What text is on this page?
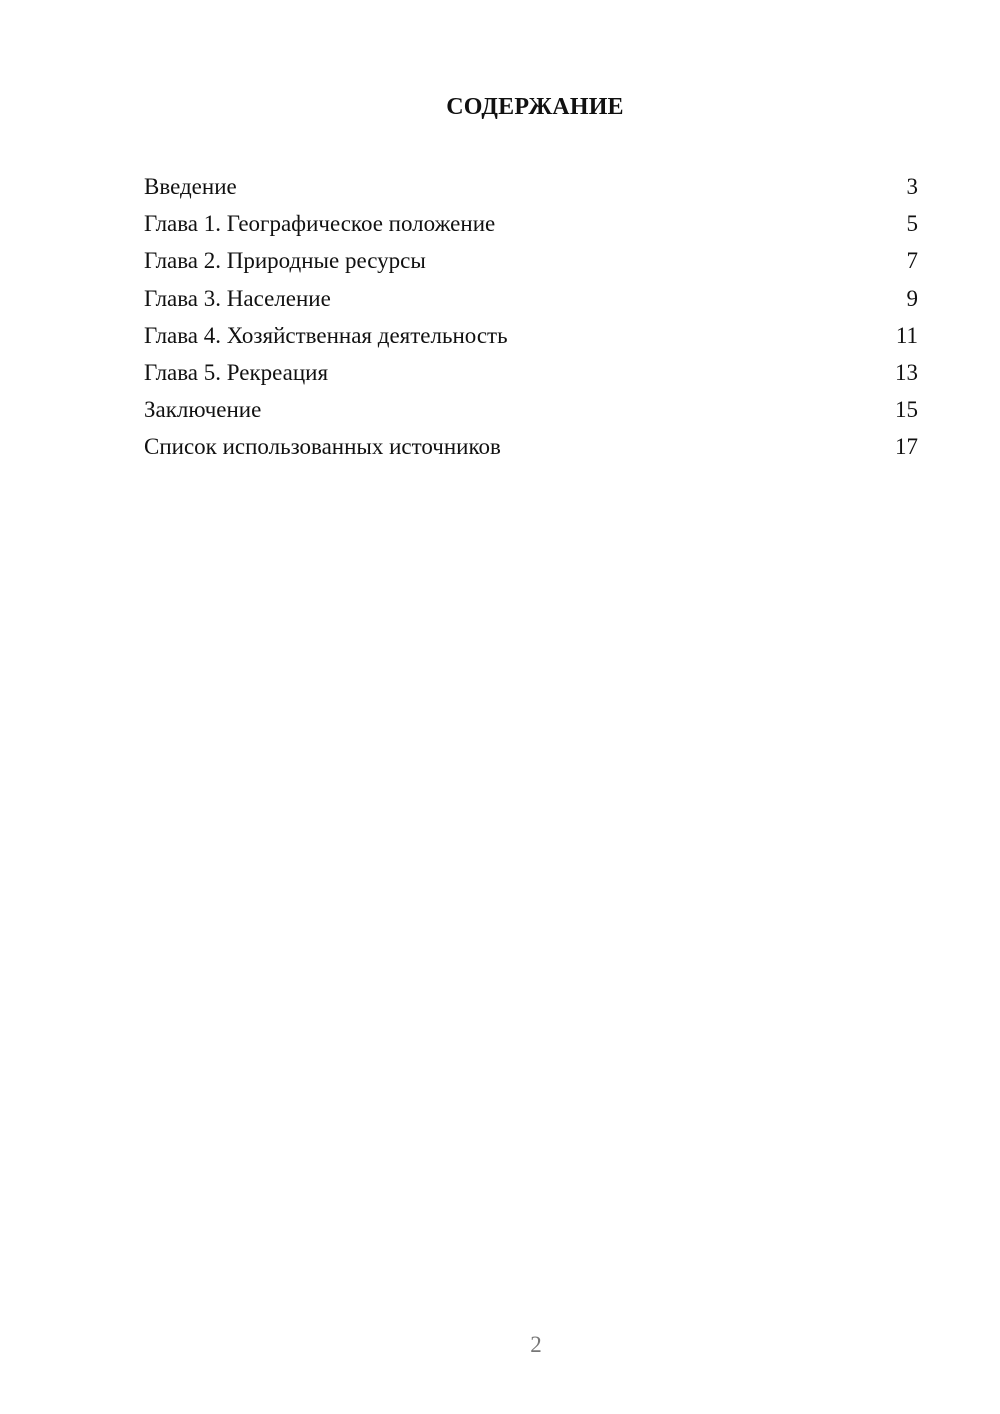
СОДЕРЖАНИЕ
Введение	3
Глава 1. Географическое положение	5
Глава 2. Природные ресурсы	7
Глава 3. Население	9
Глава 4. Хозяйственная деятельность	11
Глава 5. Рекреация	13
Заключение	15
Список использованных источников	17
2
